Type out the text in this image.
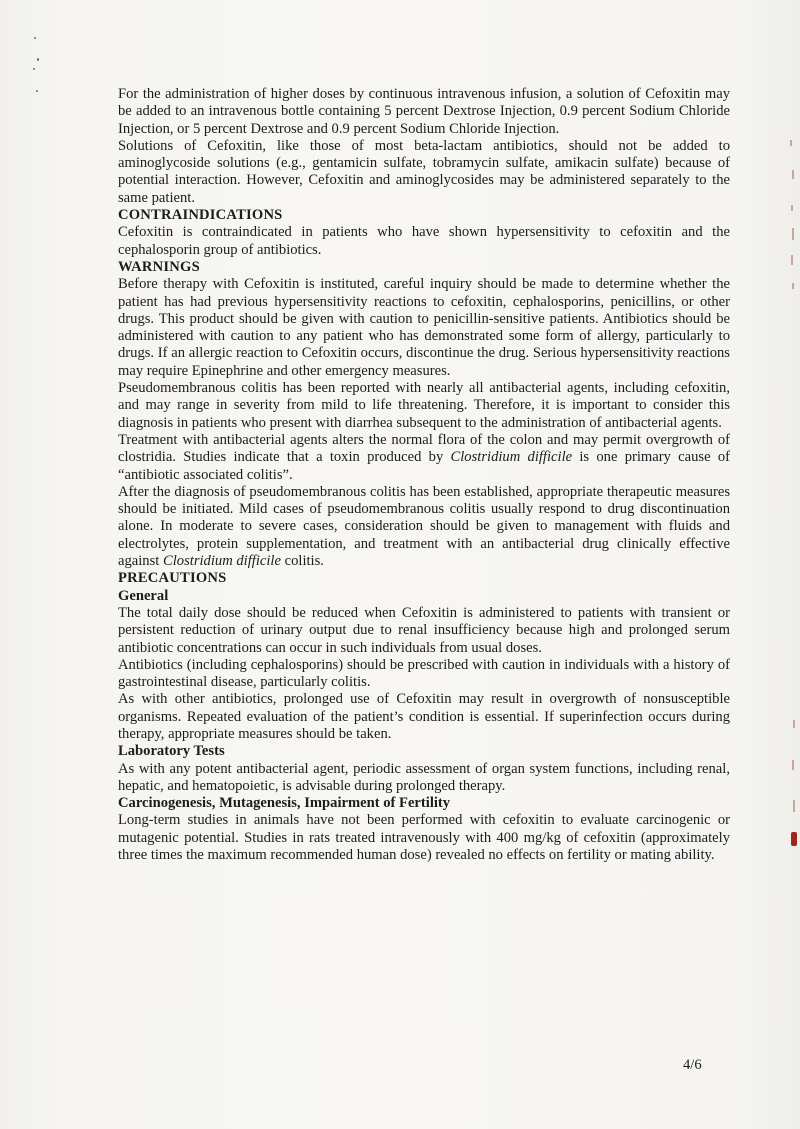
For the administration of higher doses by continuous intravenous infusion, a solution of Cefoxitin may be added to an intravenous bottle containing 5 percent Dextrose Injection, 0.9 percent Sodium Chloride Injection, or 5 percent Dextrose and 0.9 percent Sodium Chloride Injection.

Solutions of Cefoxitin, like those of most beta-lactam antibiotics, should not be added to aminoglycoside solutions (e.g., gentamicin sulfate, tobramycin sulfate, amikacin sulfate) because of potential interaction. However, Cefoxitin and aminoglycosides may be administered separately to the same patient.

CONTRAINDICATIONS

Cefoxitin is contraindicated in patients who have shown hypersensitivity to cefoxitin and the cephalosporin group of antibiotics.

WARNINGS

Before therapy with Cefoxitin is instituted, careful inquiry should be made to determine whether the patient has had previous hypersensitivity reactions to cefoxitin, cephalosporins, penicillins, or other drugs. This product should be given with caution to penicillin-sensitive patients. Antibiotics should be administered with caution to any patient who has demonstrated some form of allergy, particularly to drugs. If an allergic reaction to Cefoxitin occurs, discontinue the drug. Serious hypersensitivity reactions may require Epinephrine and other emergency measures.

Pseudomembranous colitis has been reported with nearly all antibacterial agents, including cefoxitin, and may range in severity from mild to life threatening. Therefore, it is important to consider this diagnosis in patients who present with diarrhea subsequent to the administration of antibacterial agents.

Treatment with antibacterial agents alters the normal flora of the colon and may permit overgrowth of clostridia. Studies indicate that a toxin produced by Clostridium difficile is one primary cause of “antibiotic associated colitis”.

After the diagnosis of pseudomembranous colitis has been established, appropriate therapeutic measures should be initiated. Mild cases of pseudomembranous colitis usually respond to drug discontinuation alone. In moderate to severe cases, consideration should be given to management with fluids and electrolytes, protein supplementation, and treatment with an antibacterial drug clinically effective against Clostridium difficile colitis.

PRECAUTIONS

General

The total daily dose should be reduced when Cefoxitin is administered to patients with transient or persistent reduction of urinary output due to renal insufficiency because high and prolonged serum antibiotic concentrations can occur in such individuals from usual doses.

Antibiotics (including cephalosporins) should be prescribed with caution in individuals with a history of gastrointestinal disease, particularly colitis.

As with other antibiotics, prolonged use of Cefoxitin may result in overgrowth of nonsusceptible organisms. Repeated evaluation of the patient’s condition is essential. If superinfection occurs during therapy, appropriate measures should be taken.

Laboratory Tests

As with any potent antibacterial agent, periodic assessment of organ system functions, including renal, hepatic, and hematopoietic, is advisable during prolonged therapy.

Carcinogenesis, Mutagenesis, Impairment of Fertility

Long-term studies in animals have not been performed with cefoxitin to evaluate carcinogenic or mutagenic potential. Studies in rats treated intravenously with 400 mg/kg of cefoxitin (approximately three times the maximum recommended human dose) revealed no effects on fertility or mating ability.

4/6
